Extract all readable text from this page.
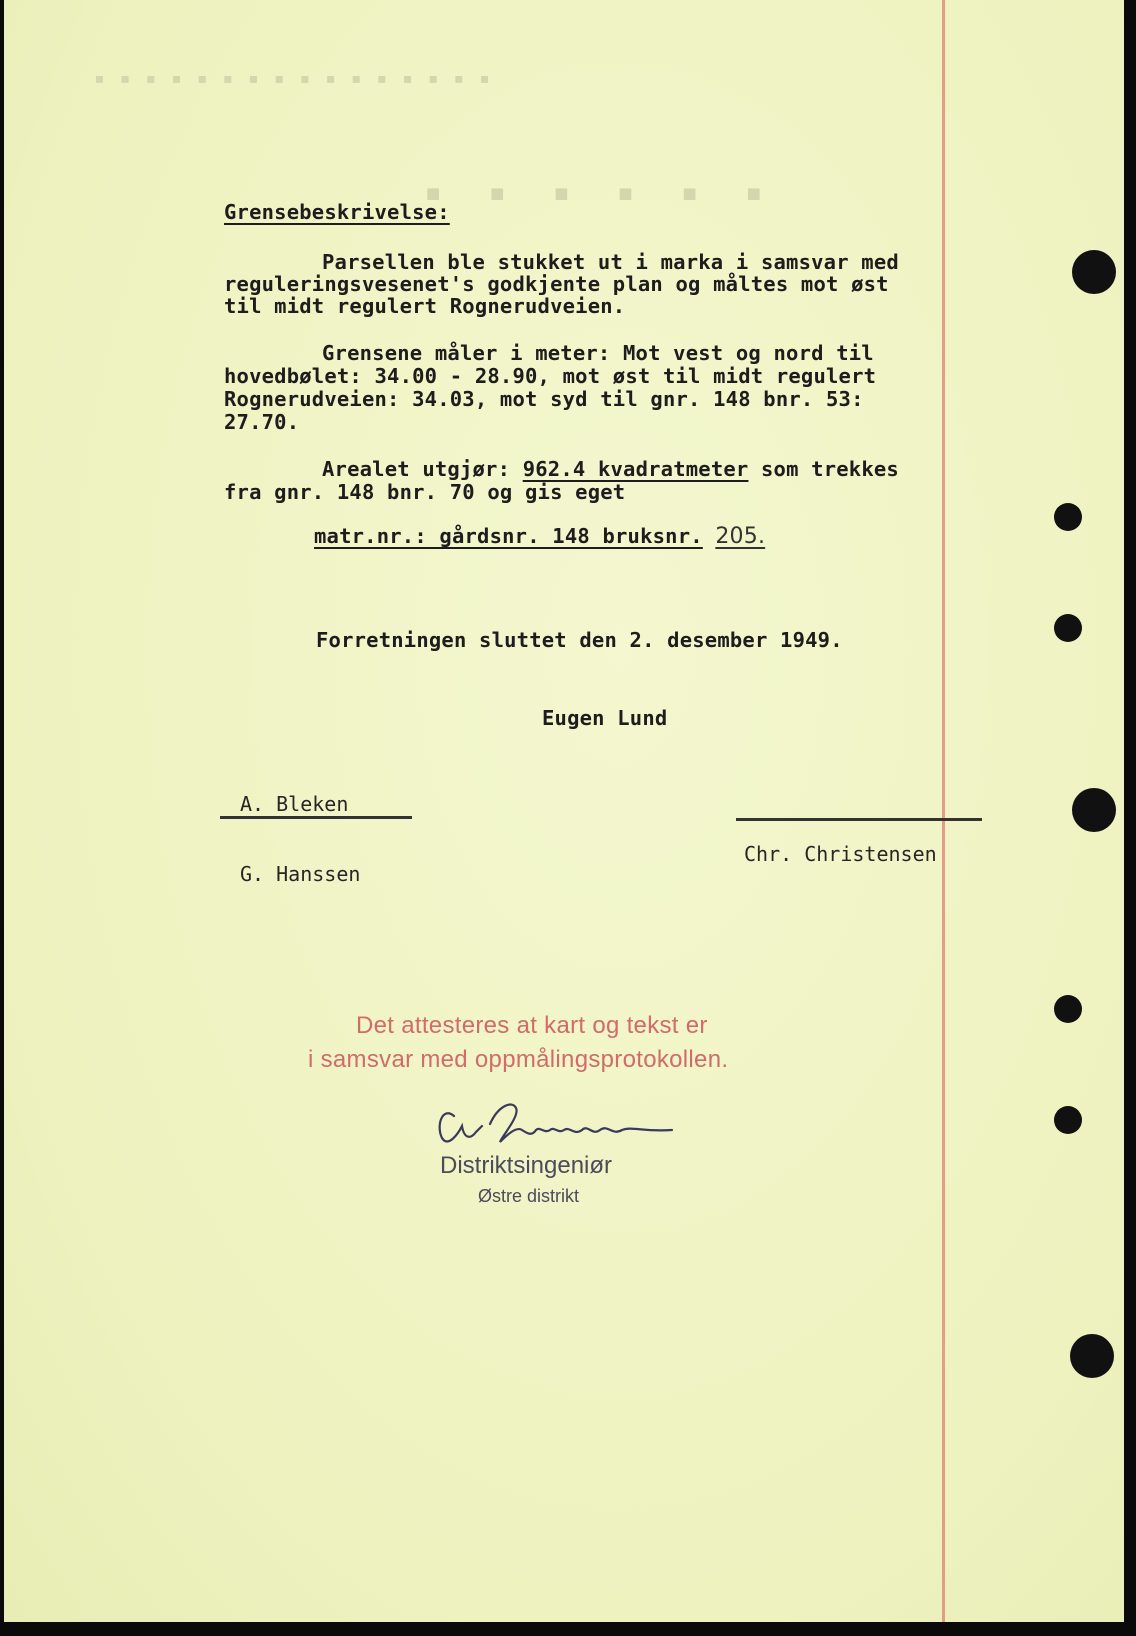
▪ ▪ ▪ ▪ ▪ ▪ ▪ ▪ ▪ ▪ ▪ ▪ ▪ ▪ ▪ ▪
▪ ▪ ▪ ▪ ▪ ▪
Grensebeskrivelse:
Parsellen ble stukket ut i marka i samsvar med
reguleringsvesenet's godkjente plan og måltes mot øst
til midt regulert Rognerudveien.
Grensene måler i meter: Mot vest og nord til
hovedbølet: 34.00 - 28.90, mot øst til midt regulert
Rognerudveien: 34.03, mot syd til gnr. 148 bnr. 53:
27.70.
Arealet utgjør: 962.4 kvadratmeter som trekkes
fra gnr. 148 bnr. 70 og gis eget
matr.nr.: gårdsnr. 148 bruksnr. 205.
Forretningen sluttet den 2. desember 1949.
Eugen Lund
A. Bleken
G. Hanssen
Chr. Christensen
Det attesteres at kart og tekst er
i samsvar med oppmålingsprotokollen.
Distriktsingeniør
Østre distrikt
